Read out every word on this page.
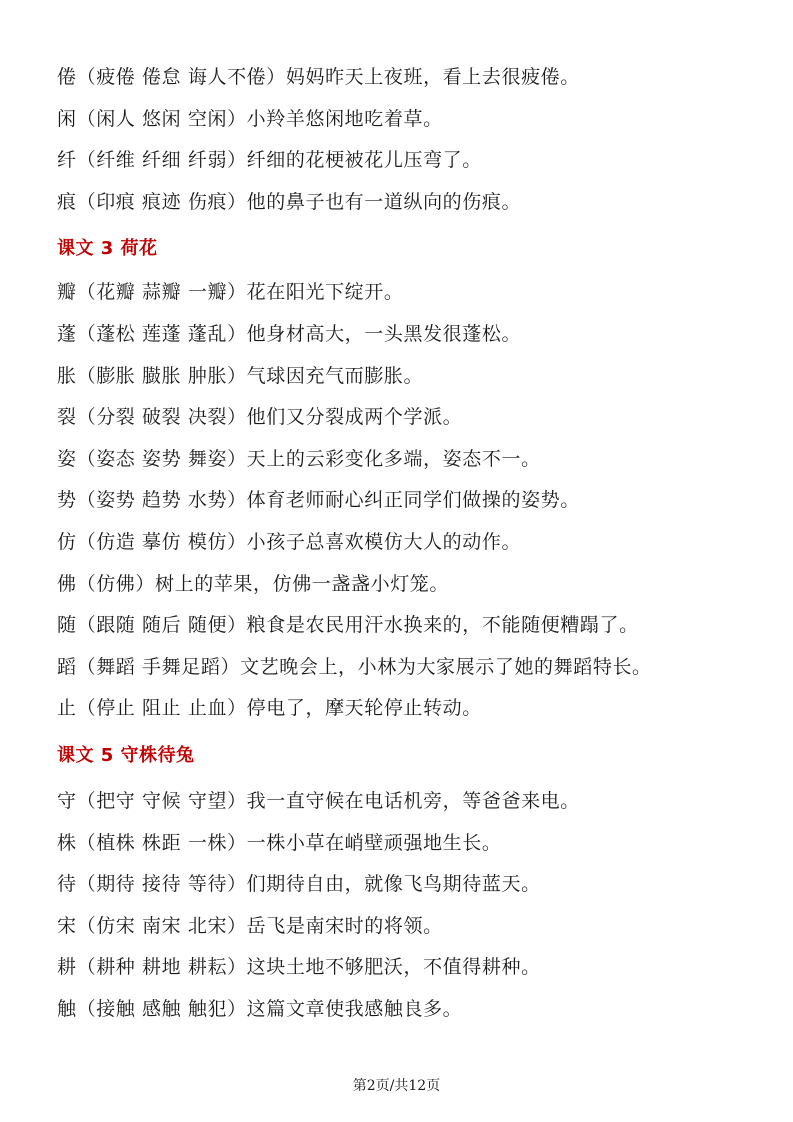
倦（疲倦 倦怠 诲人不倦）妈妈昨天上夜班，看上去很疲倦。
闲（闲人 悠闲 空闲）小羚羊悠闲地吃着草。
纤（纤维 纤细 纤弱）纤细的花梗被花儿压弯了。
痕（印痕 痕迹 伤痕）他的鼻子也有一道纵向的伤痕。
课文 3 荷花
瓣（花瓣 蒜瓣 一瓣）花在阳光下绽开。
蓬（蓬松 莲蓬 蓬乱）他身材高大，一头黑发很蓬松。
胀（膨胀 臌胀 肿胀）气球因充气而膨胀。
裂（分裂 破裂 决裂）他们又分裂成两个学派。
姿（姿态 姿势 舞姿）天上的云彩变化多端，姿态不一。
势（姿势 趋势 水势）体育老师耐心纠正同学们做操的姿势。
仿（仿造 摹仿 模仿）小孩子总喜欢模仿大人的动作。
佛（仿佛）树上的苹果，仿佛一盏盏小灯笼。
随（跟随 随后 随便）粮食是农民用汗水换来的，不能随便糟蹋了。
蹈（舞蹈 手舞足蹈）文艺晚会上，小林为大家展示了她的舞蹈特长。
止（停止 阻止 止血）停电了，摩天轮停止转动。
课文 5 守株待兔
守（把守 守候 守望）我一直守候在电话机旁，等爸爸来电。
株（植株 株距 一株）一株小草在峭壁顽强地生长。
待（期待 接待 等待）们期待自由，就像飞鸟期待蓝天。
宋（仿宋 南宋 北宋）岳飞是南宋时的将领。
耕（耕种 耕地 耕耘）这块土地不够肥沃，不值得耕种。
触（接触 感触 触犯）这篇文章使我感触良多。
第2页/共12页
